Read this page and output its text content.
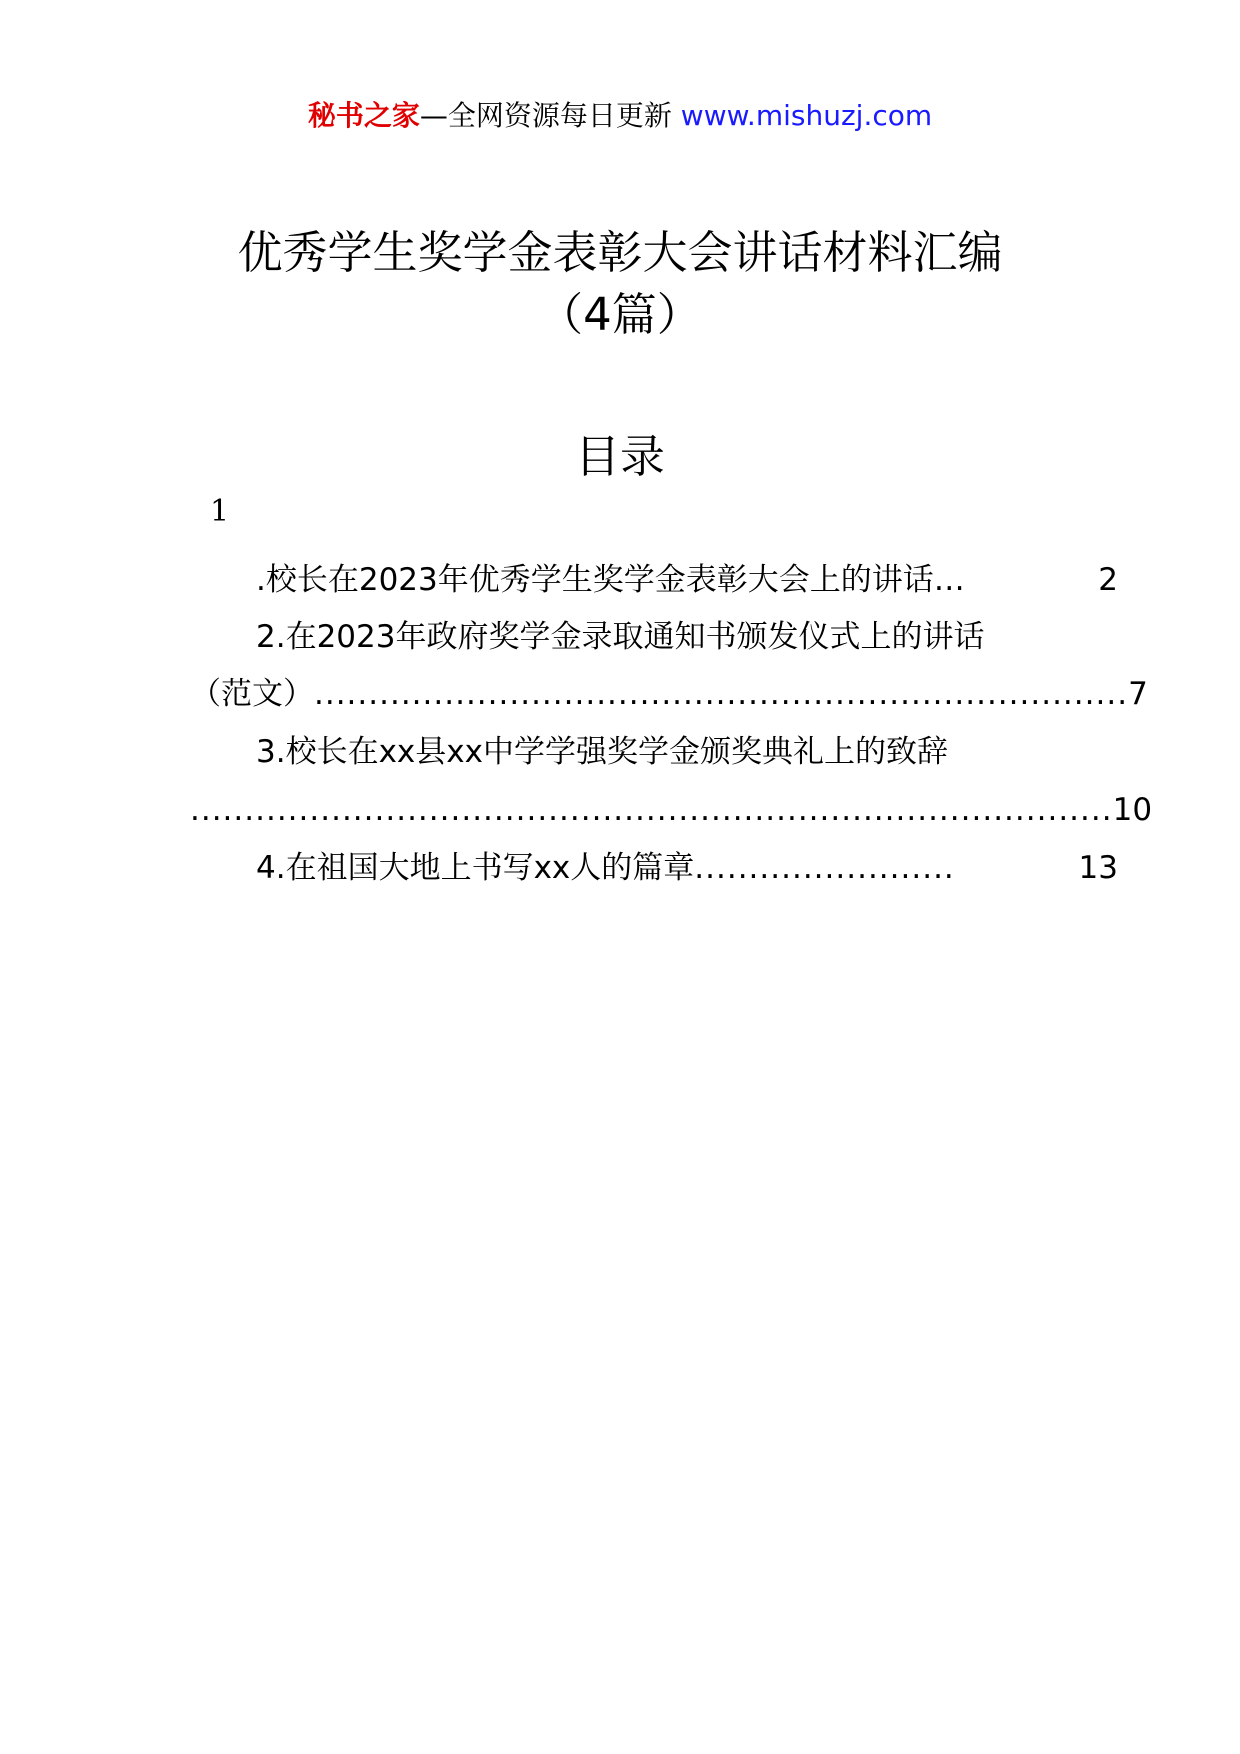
秘书之家—全网资源每日更新 www.mishuzj.com
优秀学生奖学金表彰大会讲话材料汇编
（4篇）
目录
1
.校长在2023年优秀学生奖学金表彰大会上的讲话 …	2
2.在2023年政府奖学金录取通知书颁发仪式上的讲话
（范文） ........................................................................... 7
3.校长在xx县xx中学学强奖学金颁奖典礼上的致辞
..................................................................................... 10
4.在祖国大地上书写xx人的篇章 ........................	13
